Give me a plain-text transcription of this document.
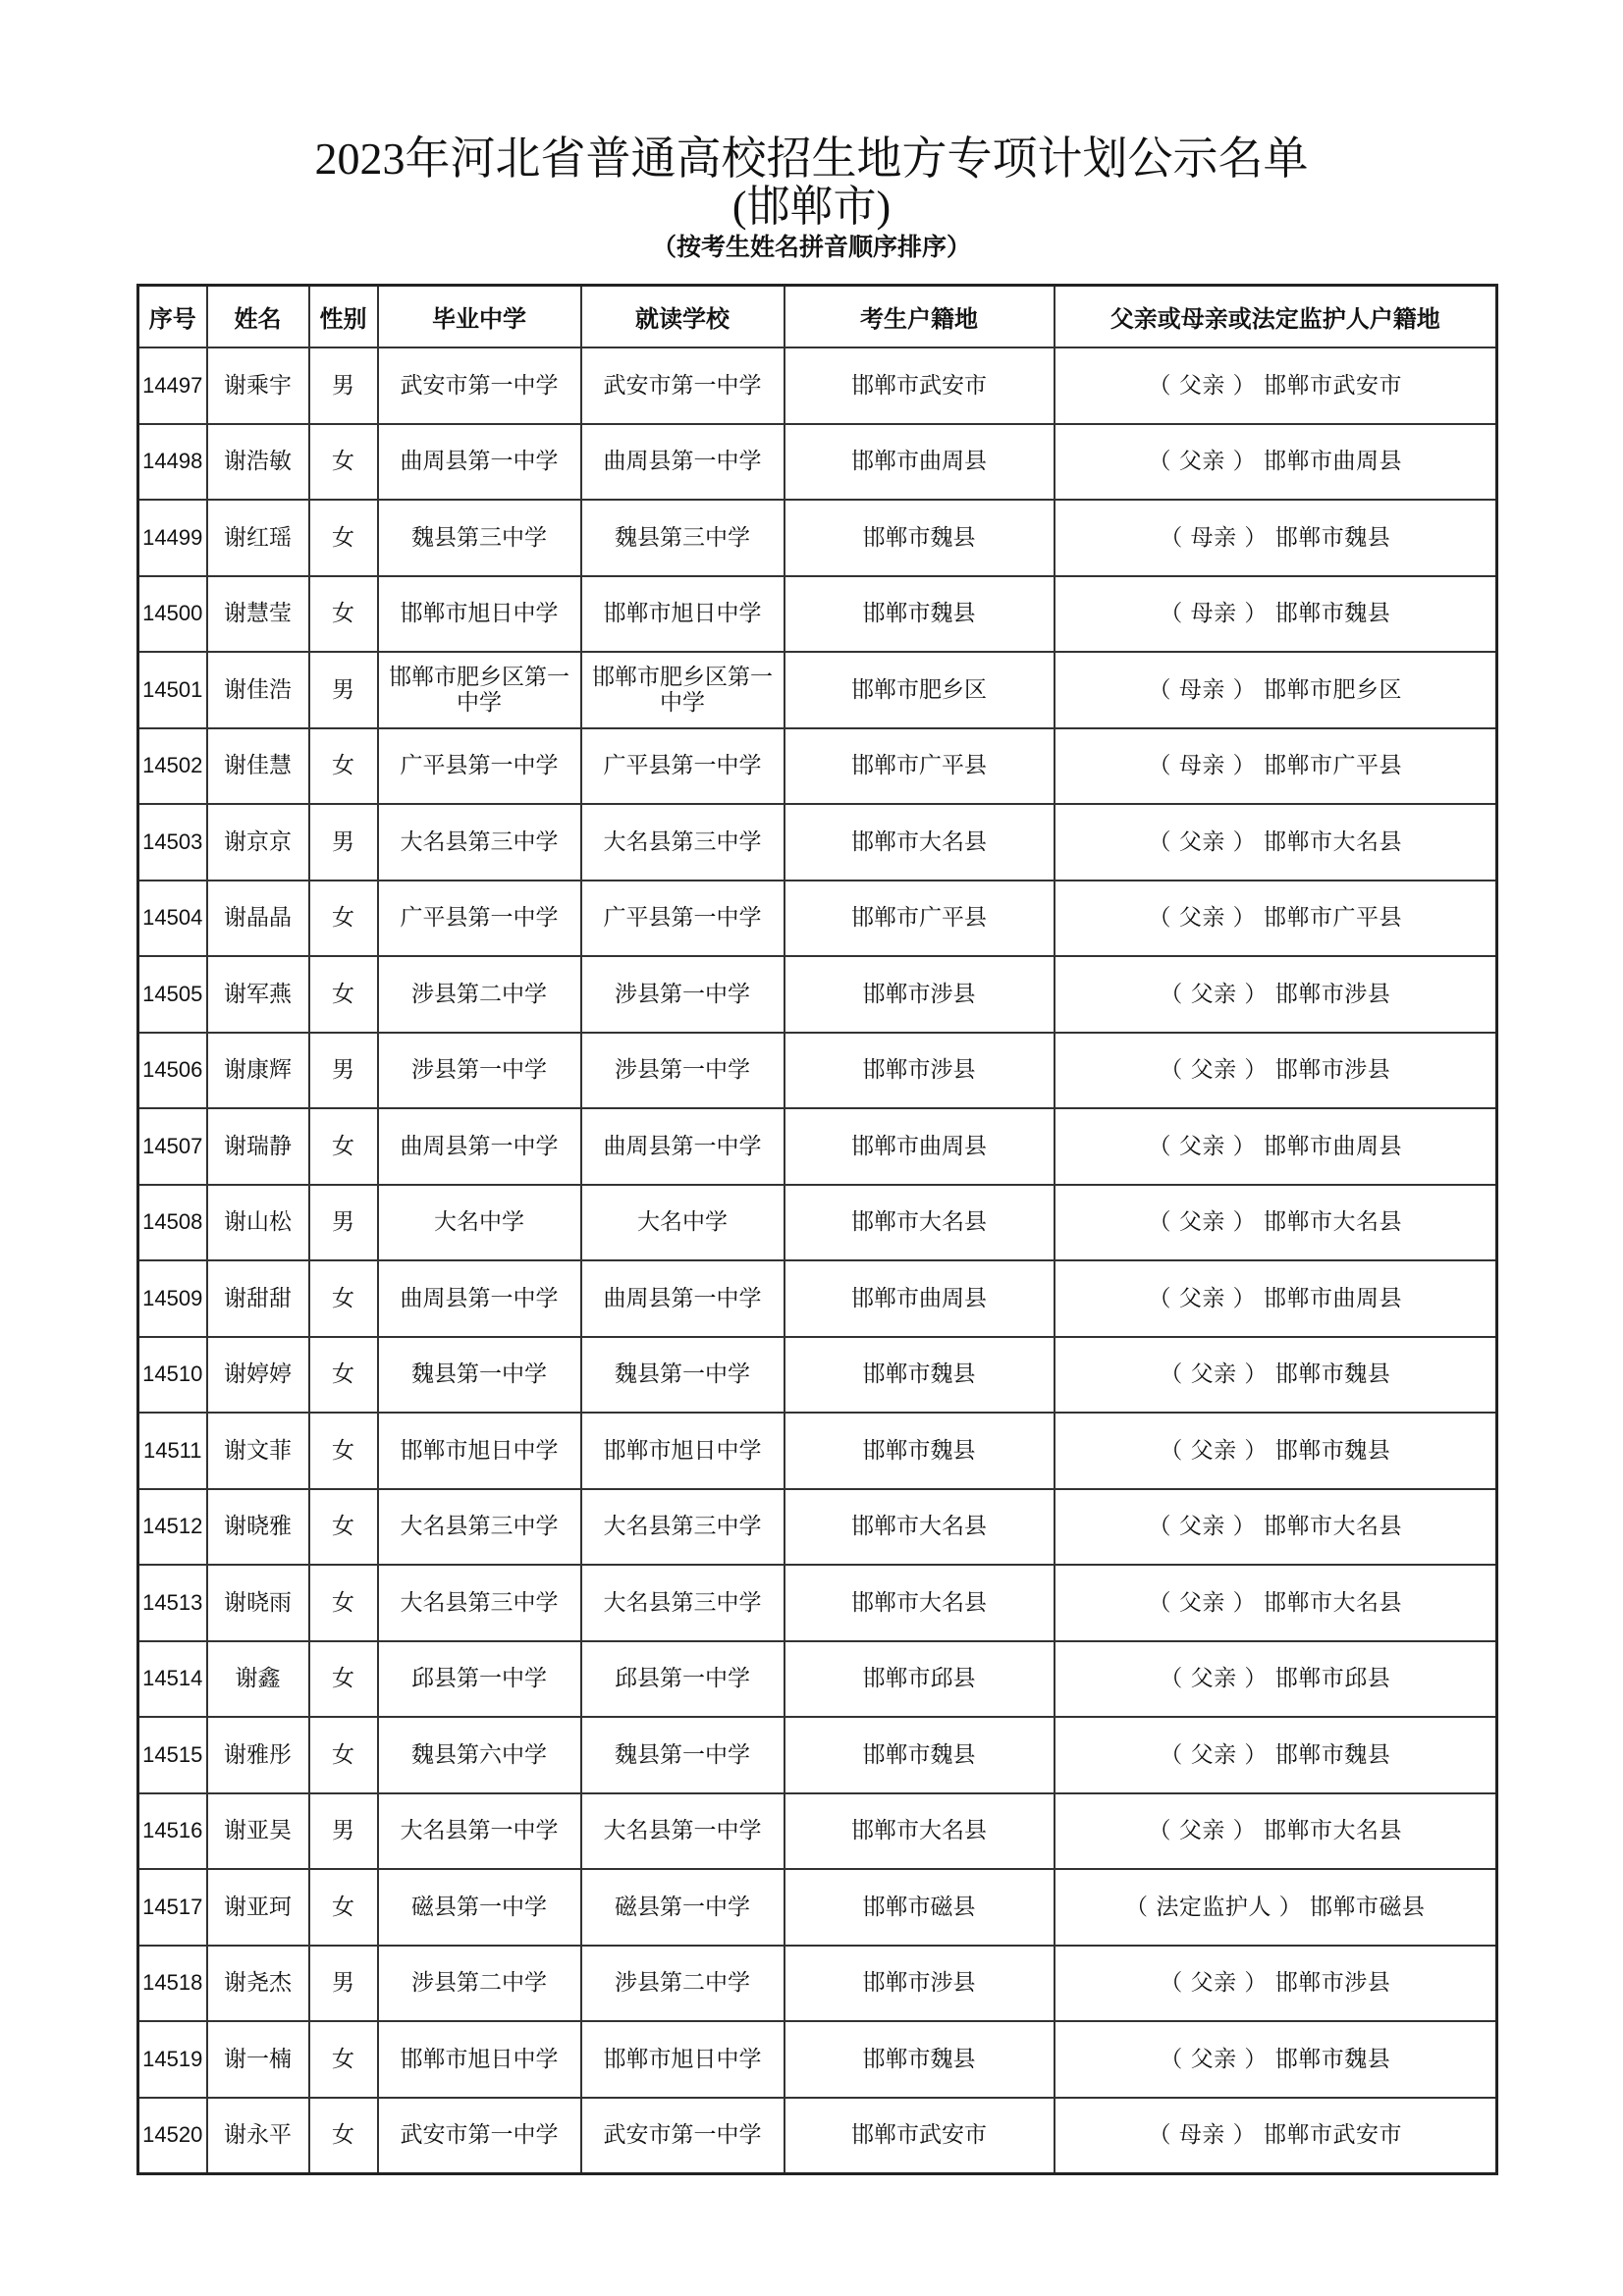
2023年河北省普通高校招生地方专项计划公示名单
(邯郸市)
（按考生姓名拼音顺序排序）
序号	姓名	性别	毕业中学	就读学校	考生户籍地	父亲或母亲或法定监护人户籍地
14497	谢乘宇	男	武安市第一中学	武安市第一中学	邯郸市武安市	（ 父亲 ） 邯郸市武安市
14498	谢浩敏	女	曲周县第一中学	曲周县第一中学	邯郸市曲周县	（ 父亲 ） 邯郸市曲周县
14499	谢红瑶	女	魏县第三中学	魏县第三中学	邯郸市魏县	（ 母亲 ） 邯郸市魏县
14500	谢慧莹	女	邯郸市旭日中学	邯郸市旭日中学	邯郸市魏县	（ 母亲 ） 邯郸市魏县
14501	谢佳浩	男	邯郸市肥乡区第一中学	邯郸市肥乡区第一中学	邯郸市肥乡区	（ 母亲 ） 邯郸市肥乡区
14502	谢佳慧	女	广平县第一中学	广平县第一中学	邯郸市广平县	（ 母亲 ） 邯郸市广平县
14503	谢京京	男	大名县第三中学	大名县第三中学	邯郸市大名县	（ 父亲 ） 邯郸市大名县
14504	谢晶晶	女	广平县第一中学	广平县第一中学	邯郸市广平县	（ 父亲 ） 邯郸市广平县
14505	谢军燕	女	涉县第二中学	涉县第一中学	邯郸市涉县	（ 父亲 ） 邯郸市涉县
14506	谢康辉	男	涉县第一中学	涉县第一中学	邯郸市涉县	（ 父亲 ） 邯郸市涉县
14507	谢瑞静	女	曲周县第一中学	曲周县第一中学	邯郸市曲周县	（ 父亲 ） 邯郸市曲周县
14508	谢山松	男	大名中学	大名中学	邯郸市大名县	（ 父亲 ） 邯郸市大名县
14509	谢甜甜	女	曲周县第一中学	曲周县第一中学	邯郸市曲周县	（ 父亲 ） 邯郸市曲周县
14510	谢婷婷	女	魏县第一中学	魏县第一中学	邯郸市魏县	（ 父亲 ） 邯郸市魏县
14511	谢文菲	女	邯郸市旭日中学	邯郸市旭日中学	邯郸市魏县	（ 父亲 ） 邯郸市魏县
14512	谢晓雅	女	大名县第三中学	大名县第三中学	邯郸市大名县	（ 父亲 ） 邯郸市大名县
14513	谢晓雨	女	大名县第三中学	大名县第三中学	邯郸市大名县	（ 父亲 ） 邯郸市大名县
14514	谢鑫	女	邱县第一中学	邱县第一中学	邯郸市邱县	（ 父亲 ） 邯郸市邱县
14515	谢雅彤	女	魏县第六中学	魏县第一中学	邯郸市魏县	（ 父亲 ） 邯郸市魏县
14516	谢亚昊	男	大名县第一中学	大名县第一中学	邯郸市大名县	（ 父亲 ） 邯郸市大名县
14517	谢亚珂	女	磁县第一中学	磁县第一中学	邯郸市磁县	（ 法定监护人 ） 邯郸市磁县
14518	谢尧杰	男	涉县第二中学	涉县第二中学	邯郸市涉县	（ 父亲 ） 邯郸市涉县
14519	谢一楠	女	邯郸市旭日中学	邯郸市旭日中学	邯郸市魏县	（ 父亲 ） 邯郸市魏县
14520	谢永平	女	武安市第一中学	武安市第一中学	邯郸市武安市	（ 母亲 ） 邯郸市武安市
